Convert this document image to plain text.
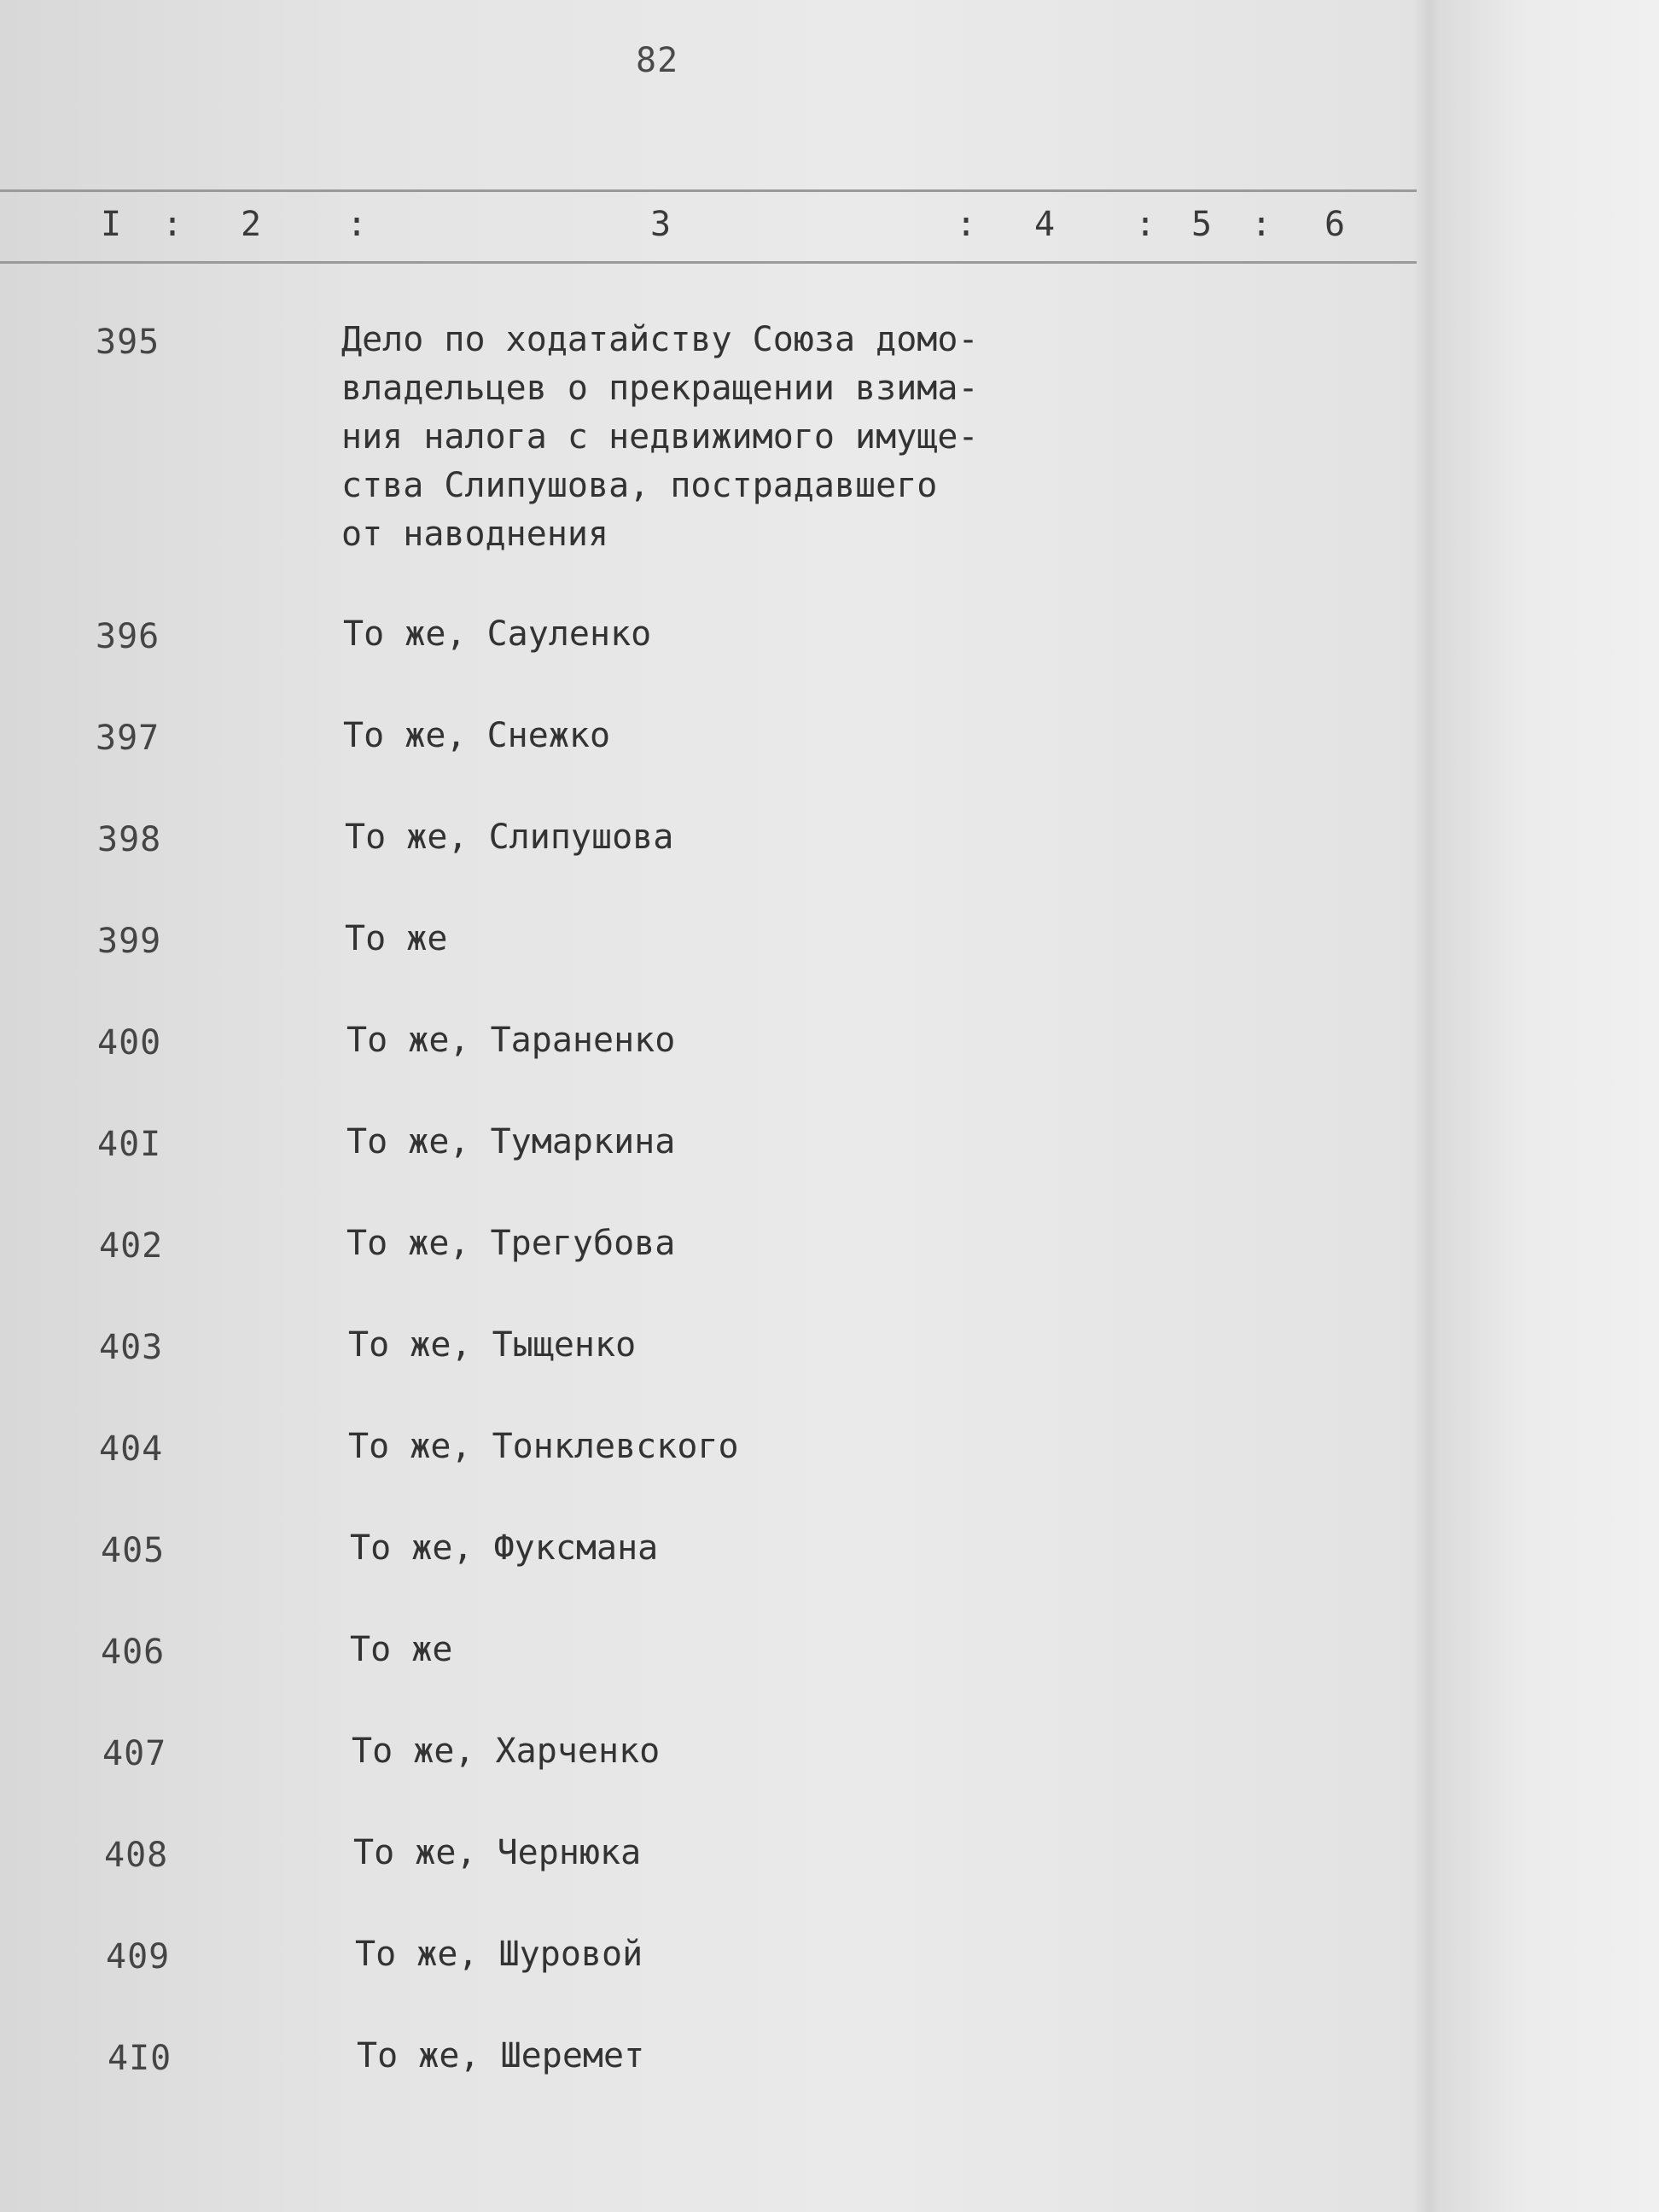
82
I : 2 :	3	: 4 : 5 : 6
395	Дело по ходатайству Союза домо-
владельцев о прекращении взима-
ния налога с недвижимого имуще-
ства Слипушова, пострадавшего
от наводнения
396	То же, Сауленко
397	То же, Снежко
398	То же, Слипушова
399	То же
400	То же, Тараненко
40I	То же, Тумаркина
402	То же, Трегубова
403	То же, Тыщенко
404	То же, Тонклевского
405	То же, Фуксмана
406	То же
407	То же, Харченко
408	То же, Чернюка
409	То же, Шуровой
4I0	То же, Шеремет
